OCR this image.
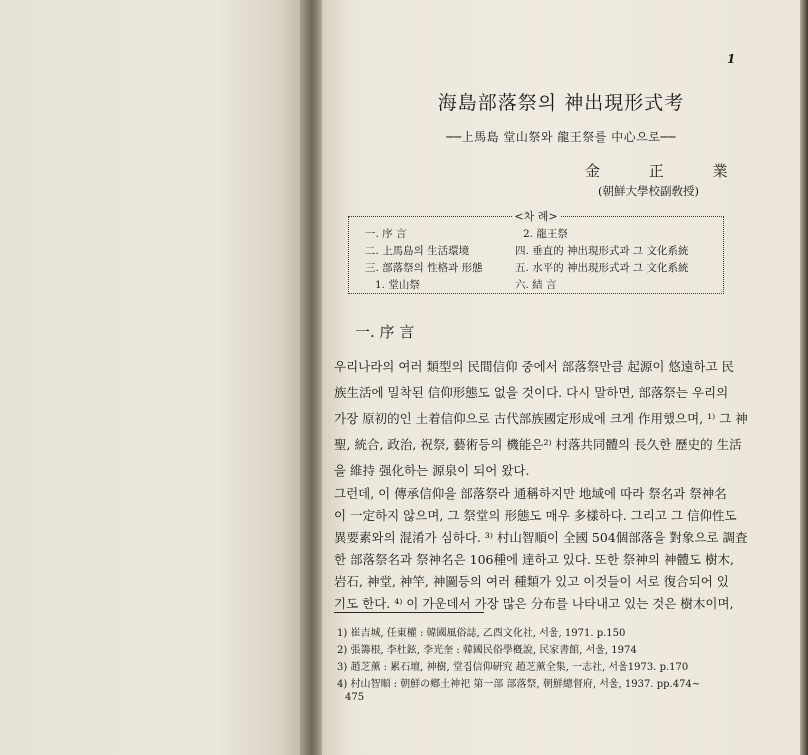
1
海島部落祭의 神出現形式考
──上馬島 堂山祭와 龍王祭를 中心으로──
金 正 業
(朝鮮大學校副敎授)
<차 례>
一. 序 言
二. 上馬島의 生活環境
三. 部落祭의 性格과 形態
1. 堂山祭
2. 龍王祭
四. 垂直的 神出現形式과 그 文化系統
五. 水平的 神出現形式과 그 文化系統
六. 結 言
一. 序 言
우리나라의 여러 類型의 民間信仰 중에서 部落祭만큼 起源이 悠遠하고 民
族生活에 밀착된 信仰形態도 없을 것이다. 다시 말하면, 部落祭는 우리의
가장 原初的인 土着信仰으로 古代部族國定形成에 크게 作用했으며, ¹⁾ 그 神
聖, 統合, 政治, 祝祭, 藝術등의 機能은²⁾ 村落共同體의 長久한 歷史的 生活
을 維持 强化하는 源泉이 되어 왔다.
그런데, 이 傳承信仰을 部落祭라 通稱하지만 地域에 따라 祭名과 祭神名
이 一定하지 않으며, 그 祭堂의 形態도 매우 多樣하다. 그리고 그 信仰性도
異要素와의 混淆가 심하다. ³⁾ 村山智順이 全國 504個部落을 對象으로 調査
한 部落祭名과 祭神名은 106種에 達하고 있다. 또한 祭神의 神體도 樹木,
岩石, 神堂, 神竿, 神圖등의 여러 種類가 있고 이것들이 서로 復合되어 있
1) 崔吉城, 任東權 : 韓國風俗誌, 乙酉文化社, 서울, 1971. p.150
2) 張籌根, 李杜鉉, 李光奎 : 韓國民俗學槪說, 民家書館, 서울, 1974
3) 趙芝薰 : 累石壇, 神樹, 堂집信仰硏究 趙芝薰全集, 一志社, 서울1973. p.170
4) 村山智順 : 朝鮮の鄕土神祀 第一部 部落祭, 朝鮮總督府, 서울, 1937. pp.474~
475
기도 한다. ⁴⁾ 이 가운데서 가장 많은 分布를 나타내고 있는 것은 樹木이며,
